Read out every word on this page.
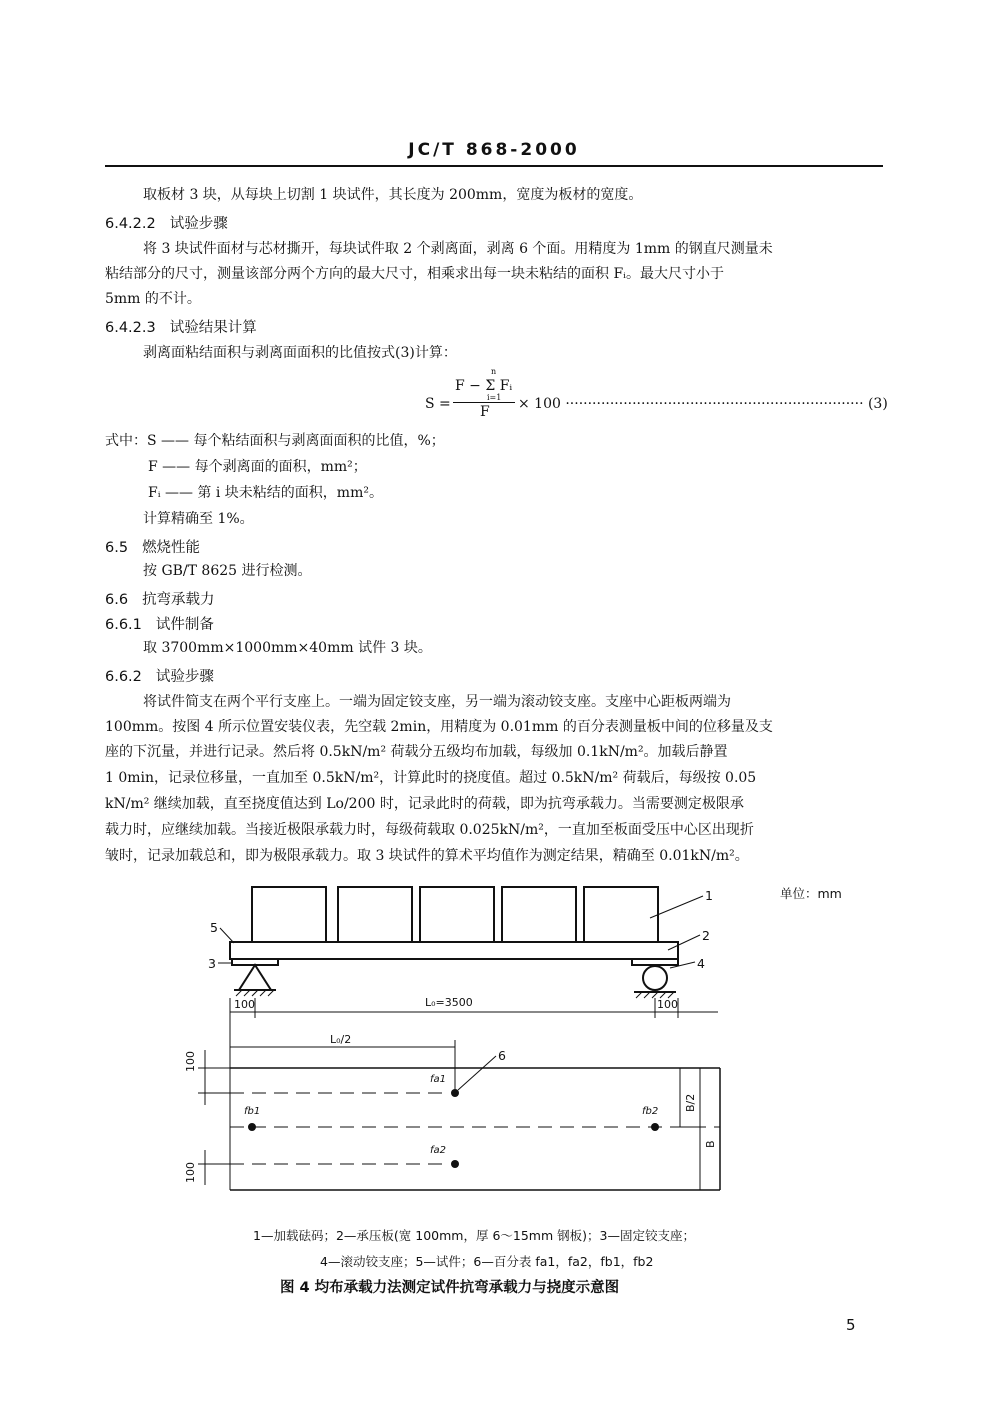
JC/T 868-2000
取板材 3 块，从每块上切割 1 块试件，其长度为 200mm，宽度为板材的宽度。
6.4.2.2 试验步骤
将 3 块试件面材与芯材撕开，每块试件取 2 个剥离面，剥离 6 个面。用精度为 1mm 的钢直尺测量未
粘结部分的尺寸，测量该部分两个方向的最大尺寸，相乘求出每一块未粘结的面积 Fᵢ。最大尺寸小于
5mm 的不计。
6.4.2.3 试验结果计算
剥离面粘结面积与剥离面面积的比值按式(3)计算：
F − Σ Fᵢ
n
i=1
S = F × 100 ··································································· (3)
式中：S —— 每个粘结面积与剥离面面积的比值，%；
F —— 每个剥离面的面积，mm²；
Fᵢ —— 第 i 块未粘结的面积，mm²。
计算精确至 1%。
6.5 燃烧性能
按 GB/T 8625 进行检测。
6.6 抗弯承载力
6.6.1 试件制备
取 3700mm×1000mm×40mm 试件 3 块。
6.6.2 试验步骤
将试件简支在两个平行支座上。一端为固定铰支座，另一端为滚动铰支座。支座中心距板两端为
100mm。按图 4 所示位置安装仪表，先空载 2min，用精度为 0.01mm 的百分表测量板中间的位移量及支
座的下沉量，并进行记录。然后将 0.5kN/m² 荷载分五级均布加载，每级加 0.1kN/m²。加载后静置
1 0min，记录位移量，一直加至 0.5kN/m²，计算此时的挠度值。超过 0.5kN/m² 荷载后，每级按 0.05
kN/m² 继续加载，直至挠度值达到 Lo/200 时，记录此时的荷载，即为抗弯承载力。当需要测定极限承
载力时，应继续加载。当接近极限承载力时，每级荷载取 0.025kN/m²，一直加至板面受压中心区出现折
皱时，记录加载总和，即为极限承载力。取 3 块试件的算术平均值作为测定结果，精确至 0.01kN/m²。
单位：mm
1
2
3	4
5
6
100	100
L₀=3500
L₀/2
100
100
B/2
B
fa1
fb1	fb2
fa2
1—加载砝码；2—承压板(宽 100mm，厚 6～15mm 钢板)；3—固定铰支座；
4—滚动铰支座；5—试件；6—百分表 fa1，fa2，fb1，fb2
图 4 均布承载力法测定试件抗弯承载力与挠度示意图
5
